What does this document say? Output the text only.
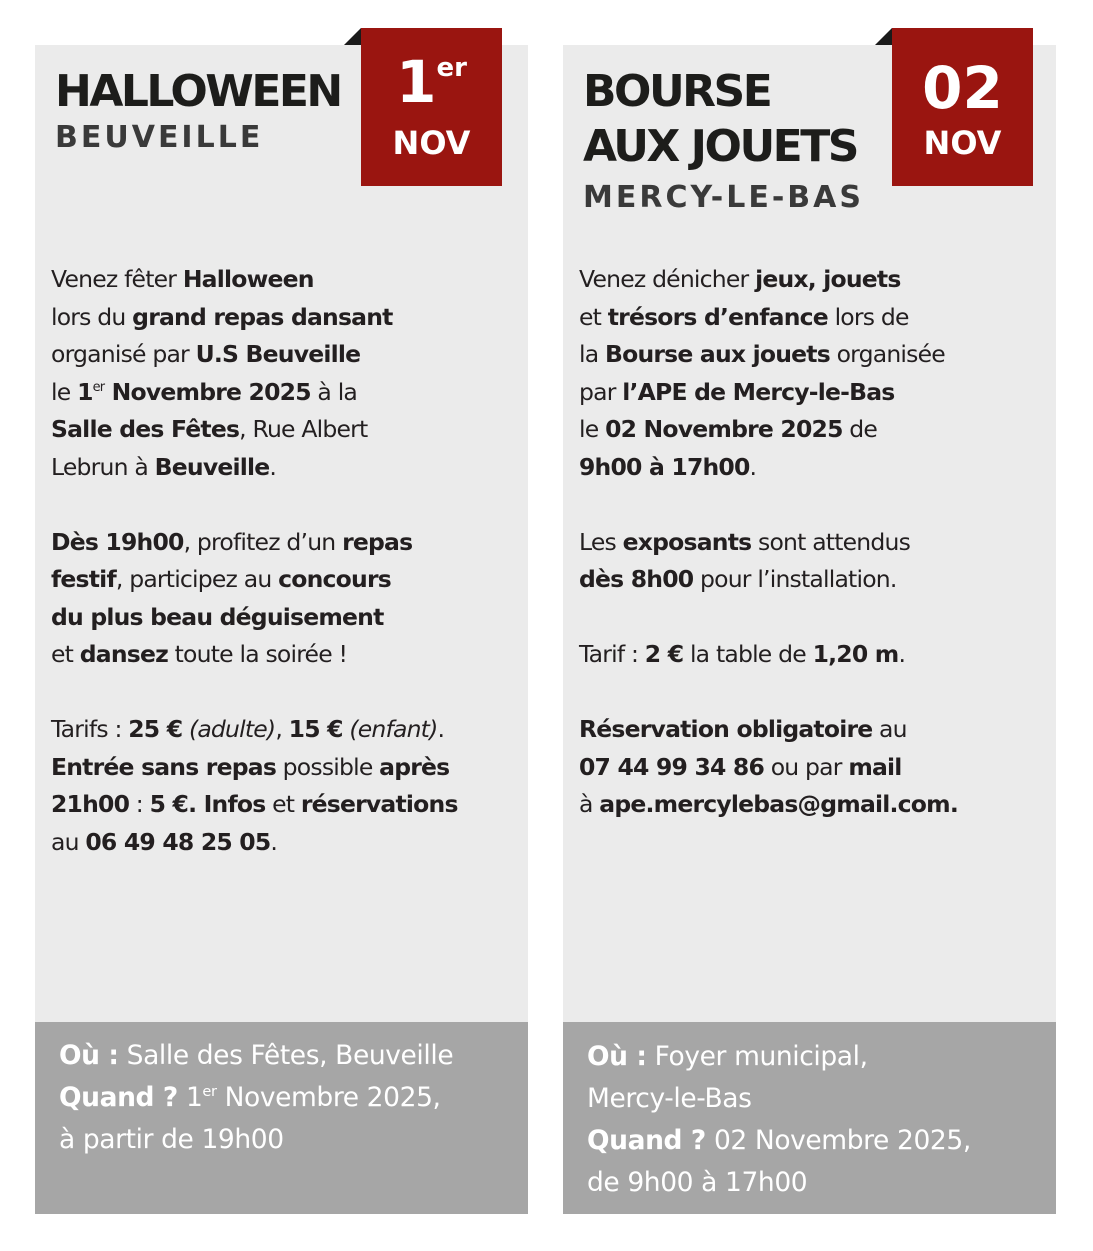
HALLOWEEN
BEUVEILLE
1er
NOV
Venez fêter Halloween
lors du grand repas dansant
organisé par U.S Beuveille
le 1er Novembre 2025 à la
Salle des Fêtes, Rue Albert
Lebrun à Beuveille.
Dès 19h00, profitez d’un repas
festif, participez au concours
du plus beau déguisement
et dansez toute la soirée !
Tarifs : 25 € (adulte), 15 € (enfant).
Entrée sans repas possible après
21h00 : 5 €. Infos et réservations
au 06 49 48 25 05.
Où : Salle des Fêtes, Beuveille
Quand ? 1er Novembre 2025,
à partir de 19h00
BOURSE
AUX JOUETS
MERCY-LE-BAS
02
NOV
Venez dénicher jeux, jouets
et trésors d’enfance lors de
la Bourse aux jouets organisée
par l’APE de Mercy-le-Bas
le 02 Novembre 2025 de
9h00 à 17h00.
Les exposants sont attendus
dès 8h00 pour l’installation.
Tarif : 2 € la table de 1,20 m.
Réservation obligatoire au
07 44 99 34 86 ou par mail
à ape.mercylebas@gmail.com.
Où : Foyer municipal,
Mercy-le-Bas
Quand ? 02 Novembre 2025,
de 9h00 à 17h00
